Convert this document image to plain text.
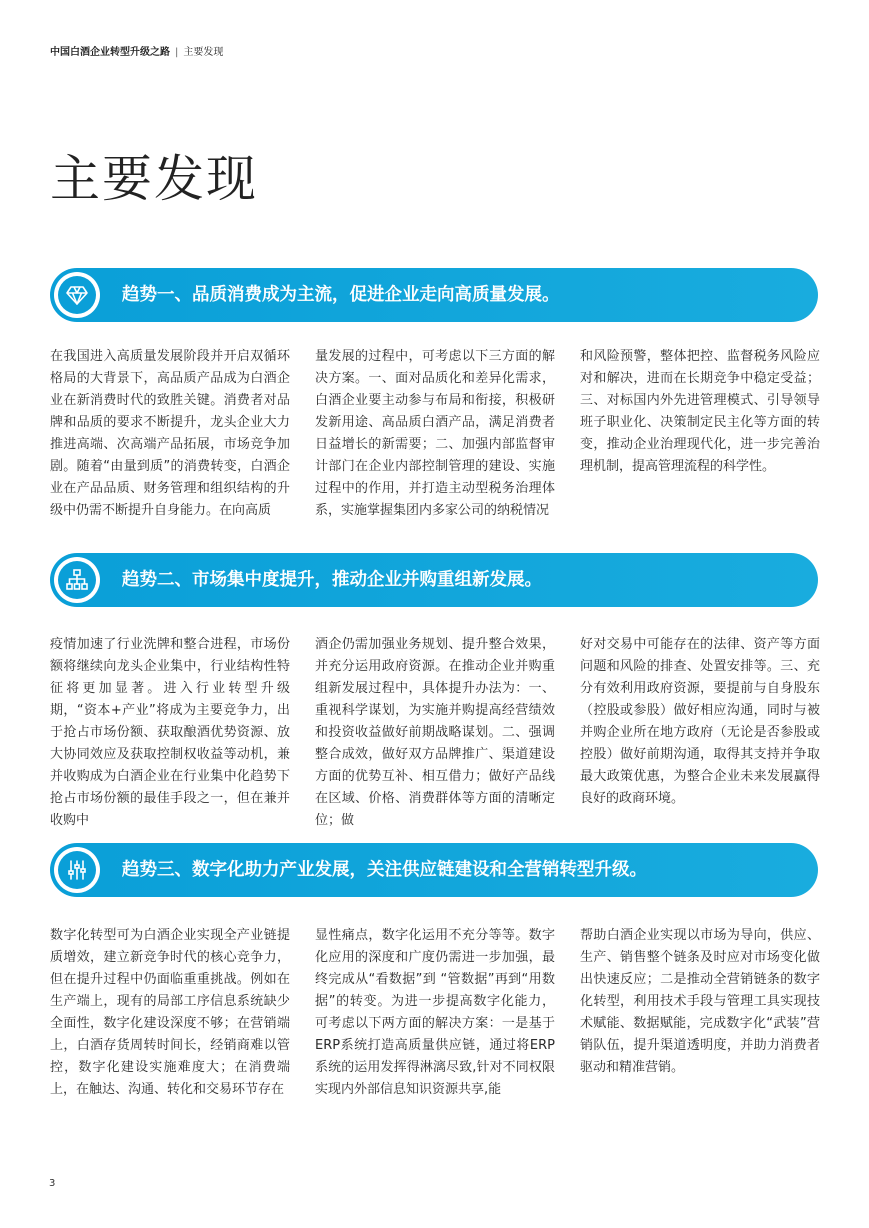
中国白酒企业转型升级之路 | 主要发现
主要发现
趋势一、品质消费成为主流，促进企业走向高质量发展。
在我国进入高质量发展阶段并开启双循环格局的大背景下，高品质产品成为白酒企业在新消费时代的致胜关键。消费者对品牌和品质的要求不断提升，龙头企业大力推进高端、次高端产品拓展，市场竞争加剧。随着“由量到质”的消费转变，白酒企业在产品品质、财务管理和组织结构的升级中仍需不断提升自身能力。在向高质
量发展的过程中，可考虑以下三方面的解决方案。一、面对品质化和差异化需求，白酒企业要主动参与布局和衔接，积极研发新用途、高品质白酒产品，满足消费者日益增长的新需要；二、加强内部监督审计部门在企业内部控制管理的建设、实施过程中的作用，并打造主动型税务治理体系，实施掌握集团内多家公司的纳税情况
和风险预警，整体把控、监督税务风险应对和解决，进而在长期竞争中稳定受益；三、对标国内外先进管理模式、引导领导班子职业化、决策制定民主化等方面的转变，推动企业治理现代化，进一步完善治理机制，提高管理流程的科学性。
趋势二、市场集中度提升，推动企业并购重组新发展。
疫情加速了行业洗牌和整合进程，市场份额将继续向龙头企业集中，行业结构性特征将更加显著。进入行业转型升级期，“资本+产业”将成为主要竞争力，出于抢占市场份额、获取酿酒优势资源、放大协同效应及获取控制权收益等动机，兼并收购成为白酒企业在行业集中化趋势下抢占市场份额的最佳手段之一，但在兼并收购中
酒企仍需加强业务规划、提升整合效果，并充分运用政府资源。在推动企业并购重组新发展过程中，具体提升办法为：一、重视科学谋划，为实施并购提高经营绩效和投资收益做好前期战略谋划。二、强调整合成效，做好双方品牌推广、渠道建设方面的优势互补、相互借力；做好产品线在区域、价格、消费群体等方面的清晰定位；做
好对交易中可能存在的法律、资产等方面问题和风险的排查、处置安排等。三、充分有效利用政府资源，要提前与自身股东（控股或参股）做好相应沟通，同时与被并购企业所在地方政府（无论是否参股或控股）做好前期沟通，取得其支持并争取最大政策优惠，为整合企业未来发展赢得良好的政商环境。
趋势三、数字化助力产业发展，关注供应链建设和全营销转型升级。
数字化转型可为白酒企业实现全产业链提质增效，建立新竞争时代的核心竞争力，但在提升过程中仍面临重重挑战。例如在生产端上，现有的局部工序信息系统缺少全面性，数字化建设深度不够；在营销端上，白酒存货周转时间长，经销商难以管控，数字化建设实施难度大；在消费端上，在触达、沟通、转化和交易环节存在
显性痛点，数字化运用不充分等等。数字化应用的深度和广度仍需进一步加强，最终完成从“看数据”到 “管数据”再到“用数据”的转变。为进一步提高数字化能力，可考虑以下两方面的解决方案：一是基于ERP系统打造高质量供应链，通过将ERP 系统的运用发挥得淋漓尽致,针对不同权限实现内外部信息知识资源共享,能
帮助白酒企业实现以市场为导向，供应、生产、销售整个链条及时应对市场变化做出快速反应；二是推动全营销链条的数字化转型，利用技术手段与管理工具实现技术赋能、数据赋能，完成数字化“武装”营销队伍，提升渠道透明度，并助力消费者驱动和精准营销。
3
